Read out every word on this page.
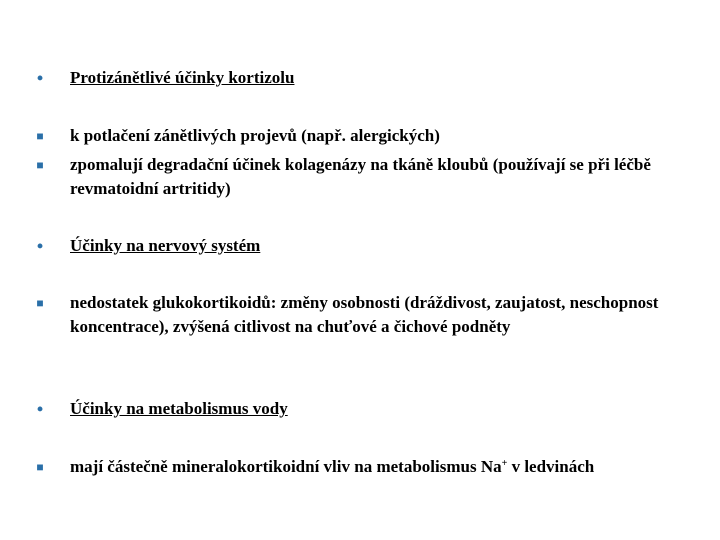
•	Protizánětlivé účinky kortizolu
■	k potlačení zánětlivých projevů (např. alergických)
■	zpomalují degradační účinek kolagenázy na tkáně kloubů (používají se při léčbě revmatoidní artritidy)
•	Účinky na nervový systém
■	nedostatek glukokortikoidů: změny osobnosti (dráždivost, zaujatost, neschopnost koncentrace), zvýšená citlivost na chuťové a čichové podněty
•	Účinky na metabolismus vody
■	mají částečně mineralokortikoidní vliv na metabolismus Na+ v ledvinách
